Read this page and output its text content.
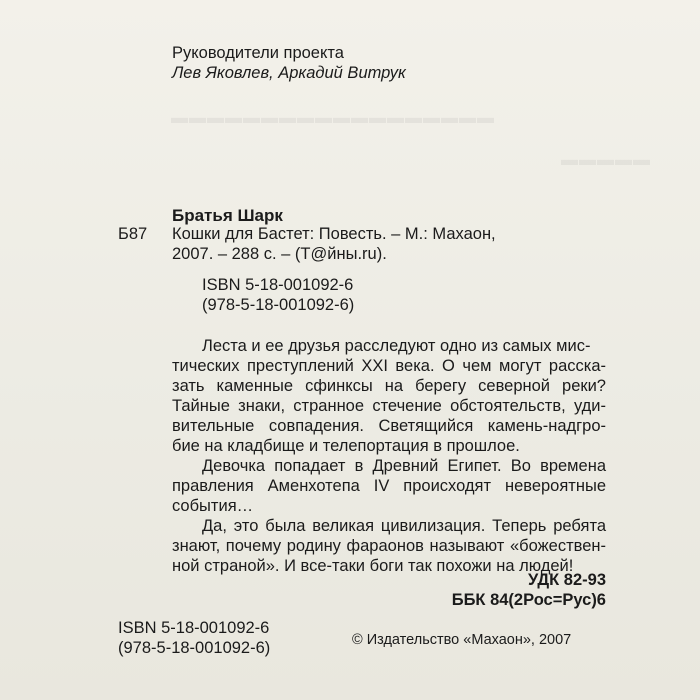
▬▬▬▬▬▬▬▬▬▬▬▬▬▬▬▬▬▬
▬▬▬▬▬
Руководители проекта
Лев Яковлев, Аркадий Витрук
Братья Шарк
Б87 Кошки для Бастет: Повесть. – М.: Махаон,
2007. – 288 с. – (Т@йны.ru).
ISBN 5-18-001092-6
(978-5-18-001092-6)
Леста и ее друзья расследуют одно из самых мис-
тических преступлений XXI века. О чем могут расска-
зать каменные сфинксы на берегу северной реки?
Тайные знаки, странное стечение обстоятельств, уди-
вительные совпадения. Светящийся камень-надгро-
бие на кладбище и телепортация в прошлое.
Девочка попадает в Древний Египет. Во времена
правления Аменхотепа IV происходят невероятные
события…
Да, это была великая цивилизация. Теперь ребята
знают, почему родину фараонов называют «божествен-
ной страной». И все-таки боги так похожи на людей!
УДК 82-93
ББК 84(2Рос=Рус)6
ISBN 5-18-001092-6
(978-5-18-001092-6)	© Издательство «Махаон», 2007
